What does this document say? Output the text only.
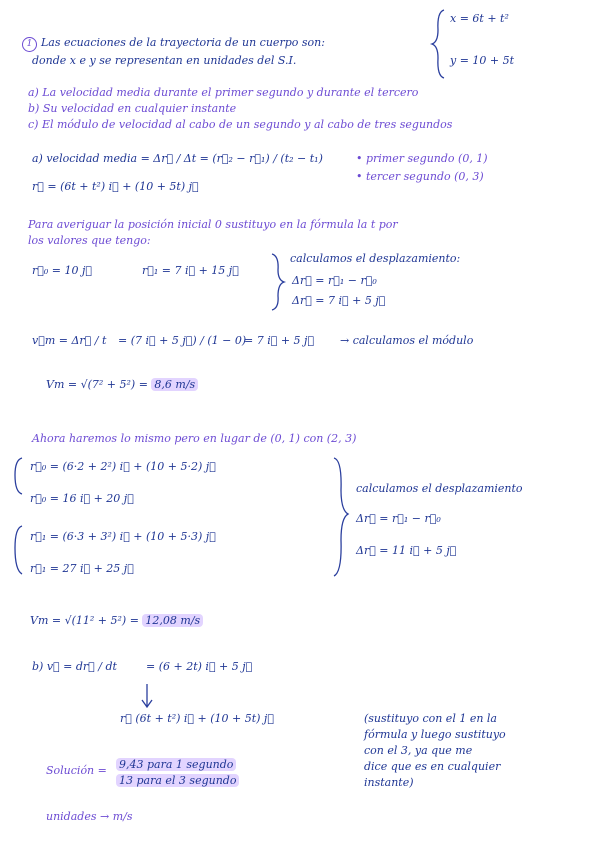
1 Las ecuaciones de la trayectoria de un cuerpo son:
donde x e y se representan en unidades del S.I.
x = 6t + t²
y = 10 + 5t
a) La velocidad media durante el primer segundo y durante el tercero
b) Su velocidad en cualquier instante
c) El módulo de velocidad al cabo de un segundo y al cabo de tres segundos
a) velocidad media = Δr⃗ / Δt = (r⃗₂ − r⃗₁) / (t₂ − t₁)	• primer segundo (0, 1)
• tercer segundo (0, 3)
r⃗ = (6t + t²) i⃗ + (10 + 5t) j⃗
Para averiguar la posición inicial 0 sustituyo en la fórmula la t por
los valores que tengo:
r⃗₀ = 10 j⃗	r⃗₁ = 7 i⃗ + 15 j⃗
calculamos el desplazamiento:
Δr⃗ = r⃗₁ − r⃗₀
Δr⃗ = 7 i⃗ + 5 j⃗
v⃗m = Δr⃗ / t = (7 i⃗ + 5 j⃗) / (1 − 0)
= 7 i⃗ + 5 j⃗ → calculamos el módulo
Vm = √(7² + 5²) = 8,6 m/s
Ahora haremos lo mismo pero en lugar de (0, 1) con (2, 3)
r⃗₀ = (6·2 + 2²) i⃗ + (10 + 5·2) j⃗
r⃗₀ = 16 i⃗ + 20 j⃗
r⃗₁ = (6·3 + 3²) i⃗ + (10 + 5·3) j⃗
r⃗₁ = 27 i⃗ + 25 j⃗
calculamos el desplazamiento
Δr⃗ = r⃗₁ − r⃗₀
Δr⃗ = 11 i⃗ + 5 j⃗
Vm = √(11² + 5²) = 12,08 m/s
b) v⃗ = dr⃗ / dt	= (6 + 2t) i⃗ + 5 j⃗
r⃗ (6t + t²) i⃗ + (10 + 5t) j⃗	(sustituyo con el 1 en la
fórmula y luego sustituyo
con el 3, ya que me
dice que es en cualquier
instante)
Solución = 9,43 para 1 segundo
13 para el 3 segundo
unidades → m/s
